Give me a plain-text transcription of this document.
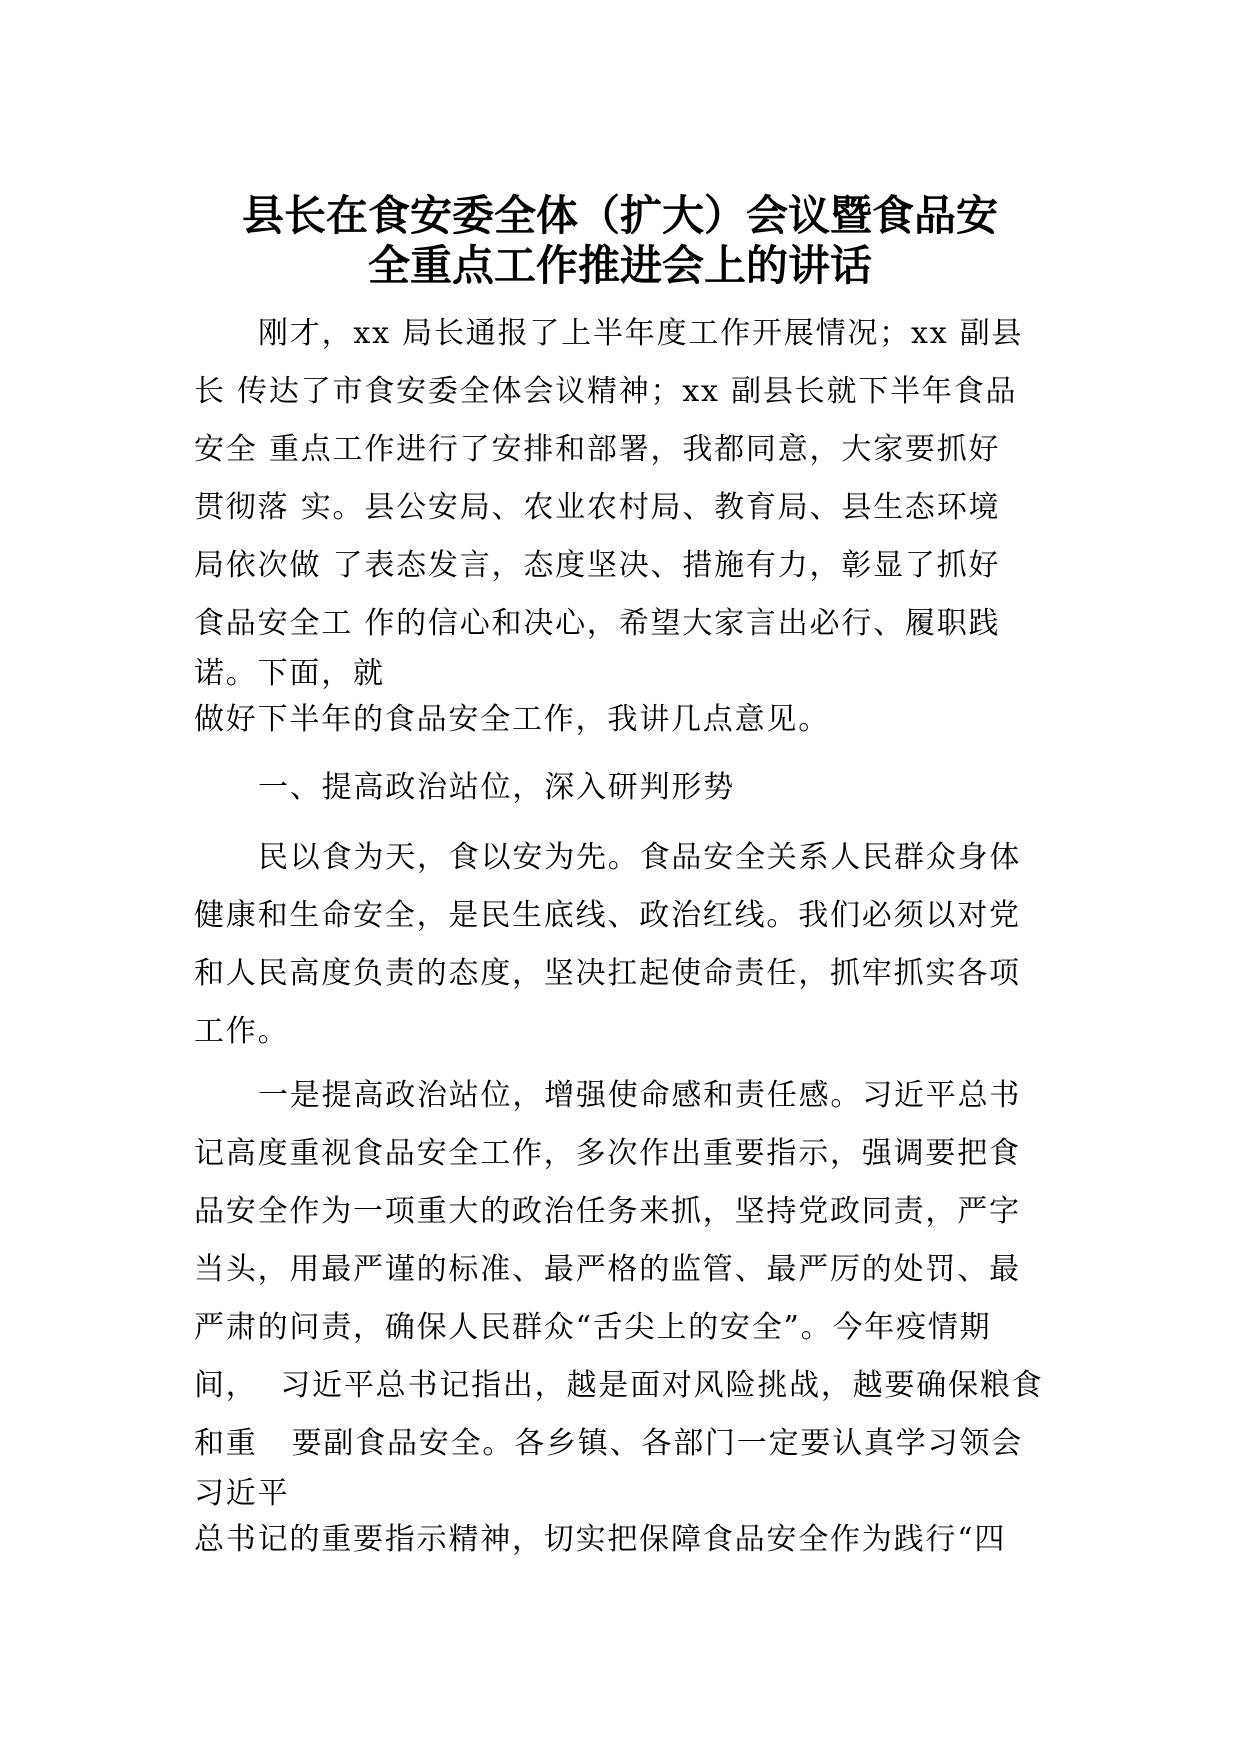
县长在食安委全体（扩大）会议暨食品安
全重点工作推进会上的讲话
刚才，xx 局长通报了上半年度工作开展情况；xx 副县
长 传达了市食安委全体会议精神；xx 副县长就下半年食品
安全 重点工作进行了安排和部署，我都同意，大家要抓好
贯彻落 实。县公安局、农业农村局、教育局、县生态环境
局依次做 了表态发言，态度坚决、措施有力，彰显了抓好
食品安全工 作的信心和决心，希望大家言出必行、履职践
诺。下面，就
做好下半年的食品安全工作，我讲几点意见。
一、提高政治站位，深入研判形势
民以食为天，食以安为先。食品安全关系人民群众身体
健康和生命安全，是民生底线、政治红线。我们必须以对党
和人民高度负责的态度，坚决扛起使命责任，抓牢抓实各项
工作。
一是提高政治站位，增强使命感和责任感。习近平总书
记高度重视食品安全工作，多次作出重要指示，强调要把食
品安全作为一项重大的政治任务来抓，坚持党政同责，严字
当头，用最严谨的标准、最严格的监管、最严厉的处罚、最
严肃的问责，确保人民群众“舌尖上的安全”。今年疫情期
间，  习近平总书记指出，越是面对风险挑战，越要确保粮食
和重   要副食品安全。各乡镇、各部门一定要认真学习领会
习近平
总书记的重要指示精神，切实把保障食品安全作为践行“四
